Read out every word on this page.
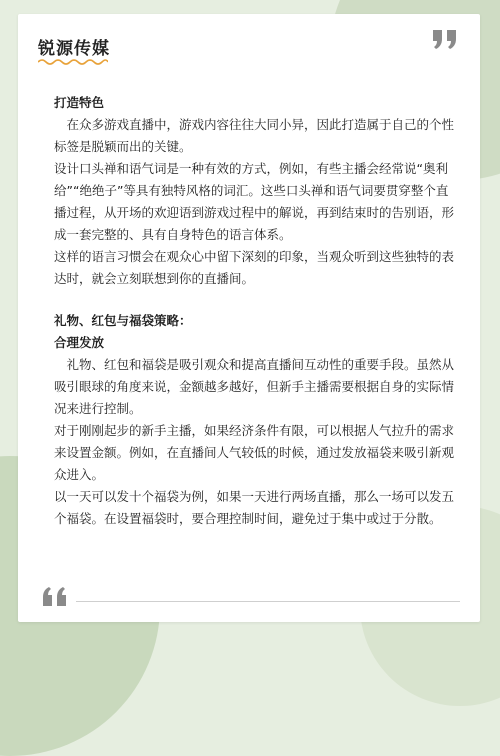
锐源传媒

打造特色

在众多游戏直播中，游戏内容往往大同小异，因此打造属于自己的个性标签是脱颖而出的关键。

设计口头禅和语气词是一种有效的方式，例如，有些主播会经常说“奥利给”“绝绝子”等具有独特风格的词汇。这些口头禅和语气词要贯穿整个直播过程，从开场的欢迎语到游戏过程中的解说，再到结束时的告别语，形成一套完整的、具有自身特色的语言体系。

这样的语言习惯会在观众心中留下深刻的印象，当观众听到这些独特的表达时，就会立刻联想到你的直播间。

礼物、红包与福袋策略：

合理发放

礼物、红包和福袋是吸引观众和提高直播间互动性的重要手段。虽然从吸引眼球的角度来说，金额越多越好，但新手主播需要根据自身的实际情况来进行控制。

对于刚刚起步的新手主播，如果经济条件有限，可以根据人气拉升的需求来设置金额。例如，在直播间人气较低的时候，通过发放福袋来吸引新观众进入。

以一天可以发十个福袋为例，如果一天进行两场直播，那么一场可以发五个福袋。在设置福袋时，要合理控制时间，避免过于集中或过于分散。
